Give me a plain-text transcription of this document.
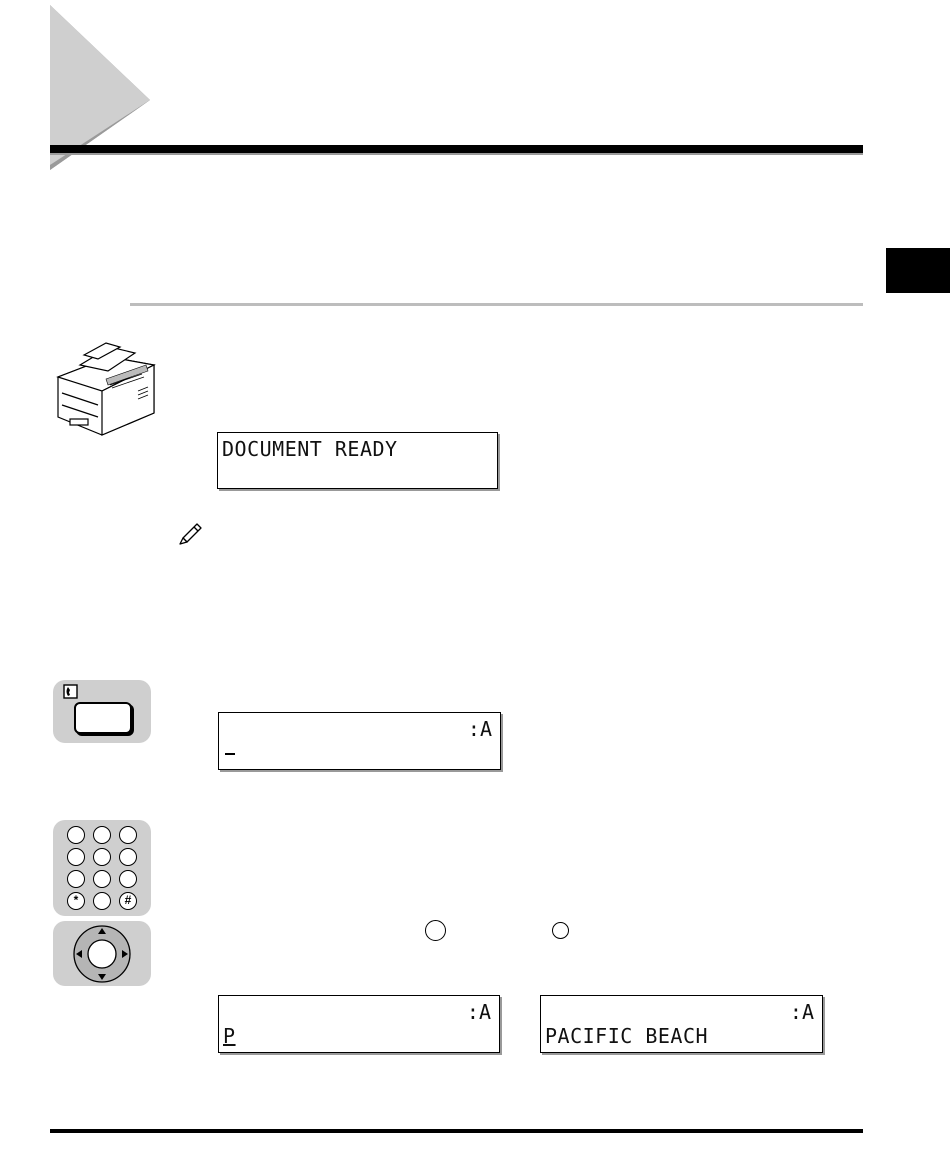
DOCUMENT READY
:A
*	#
:A
P
:A
PACIFIC BEACH
